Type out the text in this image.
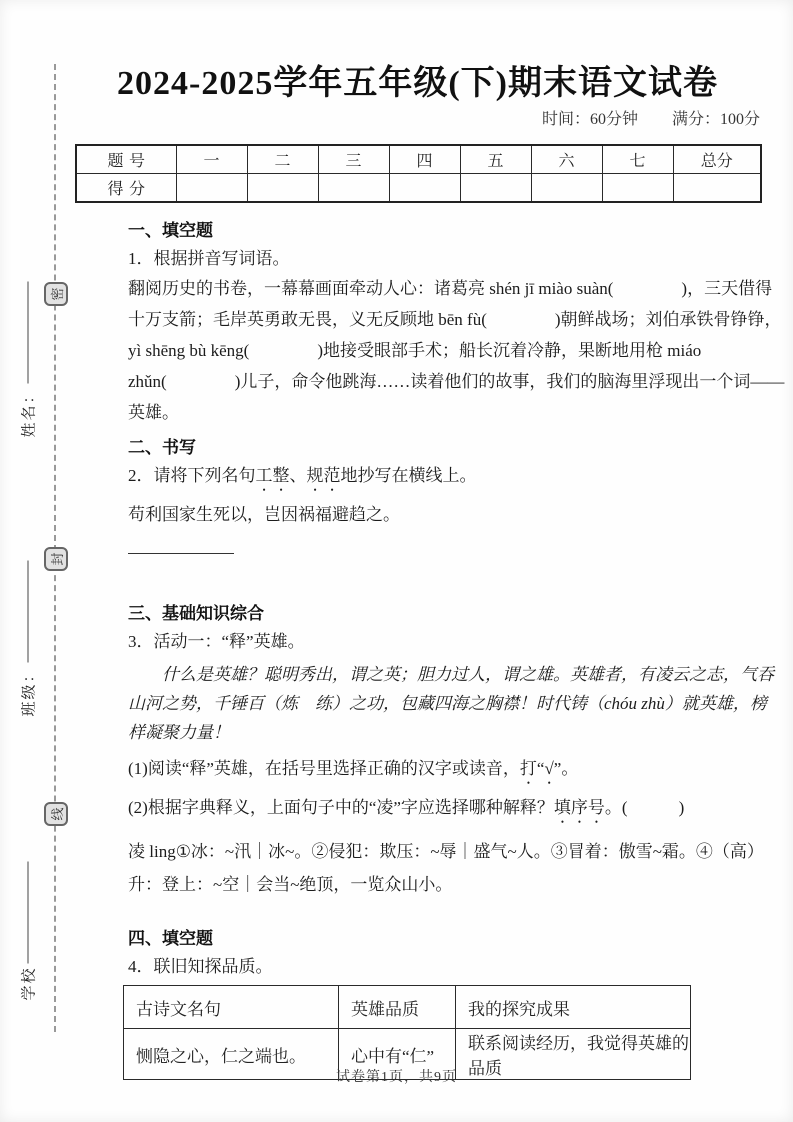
密
封
线
姓名：
班级：
学校
2024-2025学年五年级(下)期末语文试卷
时间：60分钟 满分：100分
题号	一	二	三	四	五	六	七	总分
得分								
一、填空题
1．根据拼音写词语。
翻阅历史的书卷，一幕幕画面牵动人心：诸葛亮 shén jī miào suàn(　　　　)，三天借得
十万支箭；毛岸英勇敢无畏，义无反顾地 bēn fù(　　　　)朝鲜战场；刘伯承铁骨铮铮，
yì shēng bù kēng(　　　　)地接受眼部手术；船长沉着冷静，果断地用枪 miáo
zhǔn(　　　　)儿子，命令他跳海……读着他们的故事，我们的脑海里浮现出一个词——
英雄。
二、书写
2．请将下列名句工整、规范地抄写在横线上。
苟利国家生死以，岂因祸福避趋之。
三、基础知识综合
3．活动一：“释”英雄。
　　什么是英雄？聪明秀出，谓之英；胆力过人，谓之雄。英雄者，有凌云之志，气吞
山河之势，千锤百（炼　练）之功，包藏四海之胸襟！时代铸（chóu zhù）就英雄，榜
样凝聚力量！
(1)阅读“释”英雄，在括号里选择正确的汉字或读音，打“√”。
(2)根据字典释义，上面句子中的“凌”字应选择哪种解释？填序号。(　　　)
凌 ling①冰：~汛｜冰~。②侵犯：欺压：~辱｜盛气~人。③冒着：傲雪~霜。④（高）
升：登上：~空｜会当~绝顶，一览众山小。
四、填空题
4．联旧知探品质。
古诗文名句	英雄品质	我的探究成果
恻隐之心，仁之端也。	心中有“仁”	联系阅读经历，我觉得英雄的品质
试卷第1页，共9页
